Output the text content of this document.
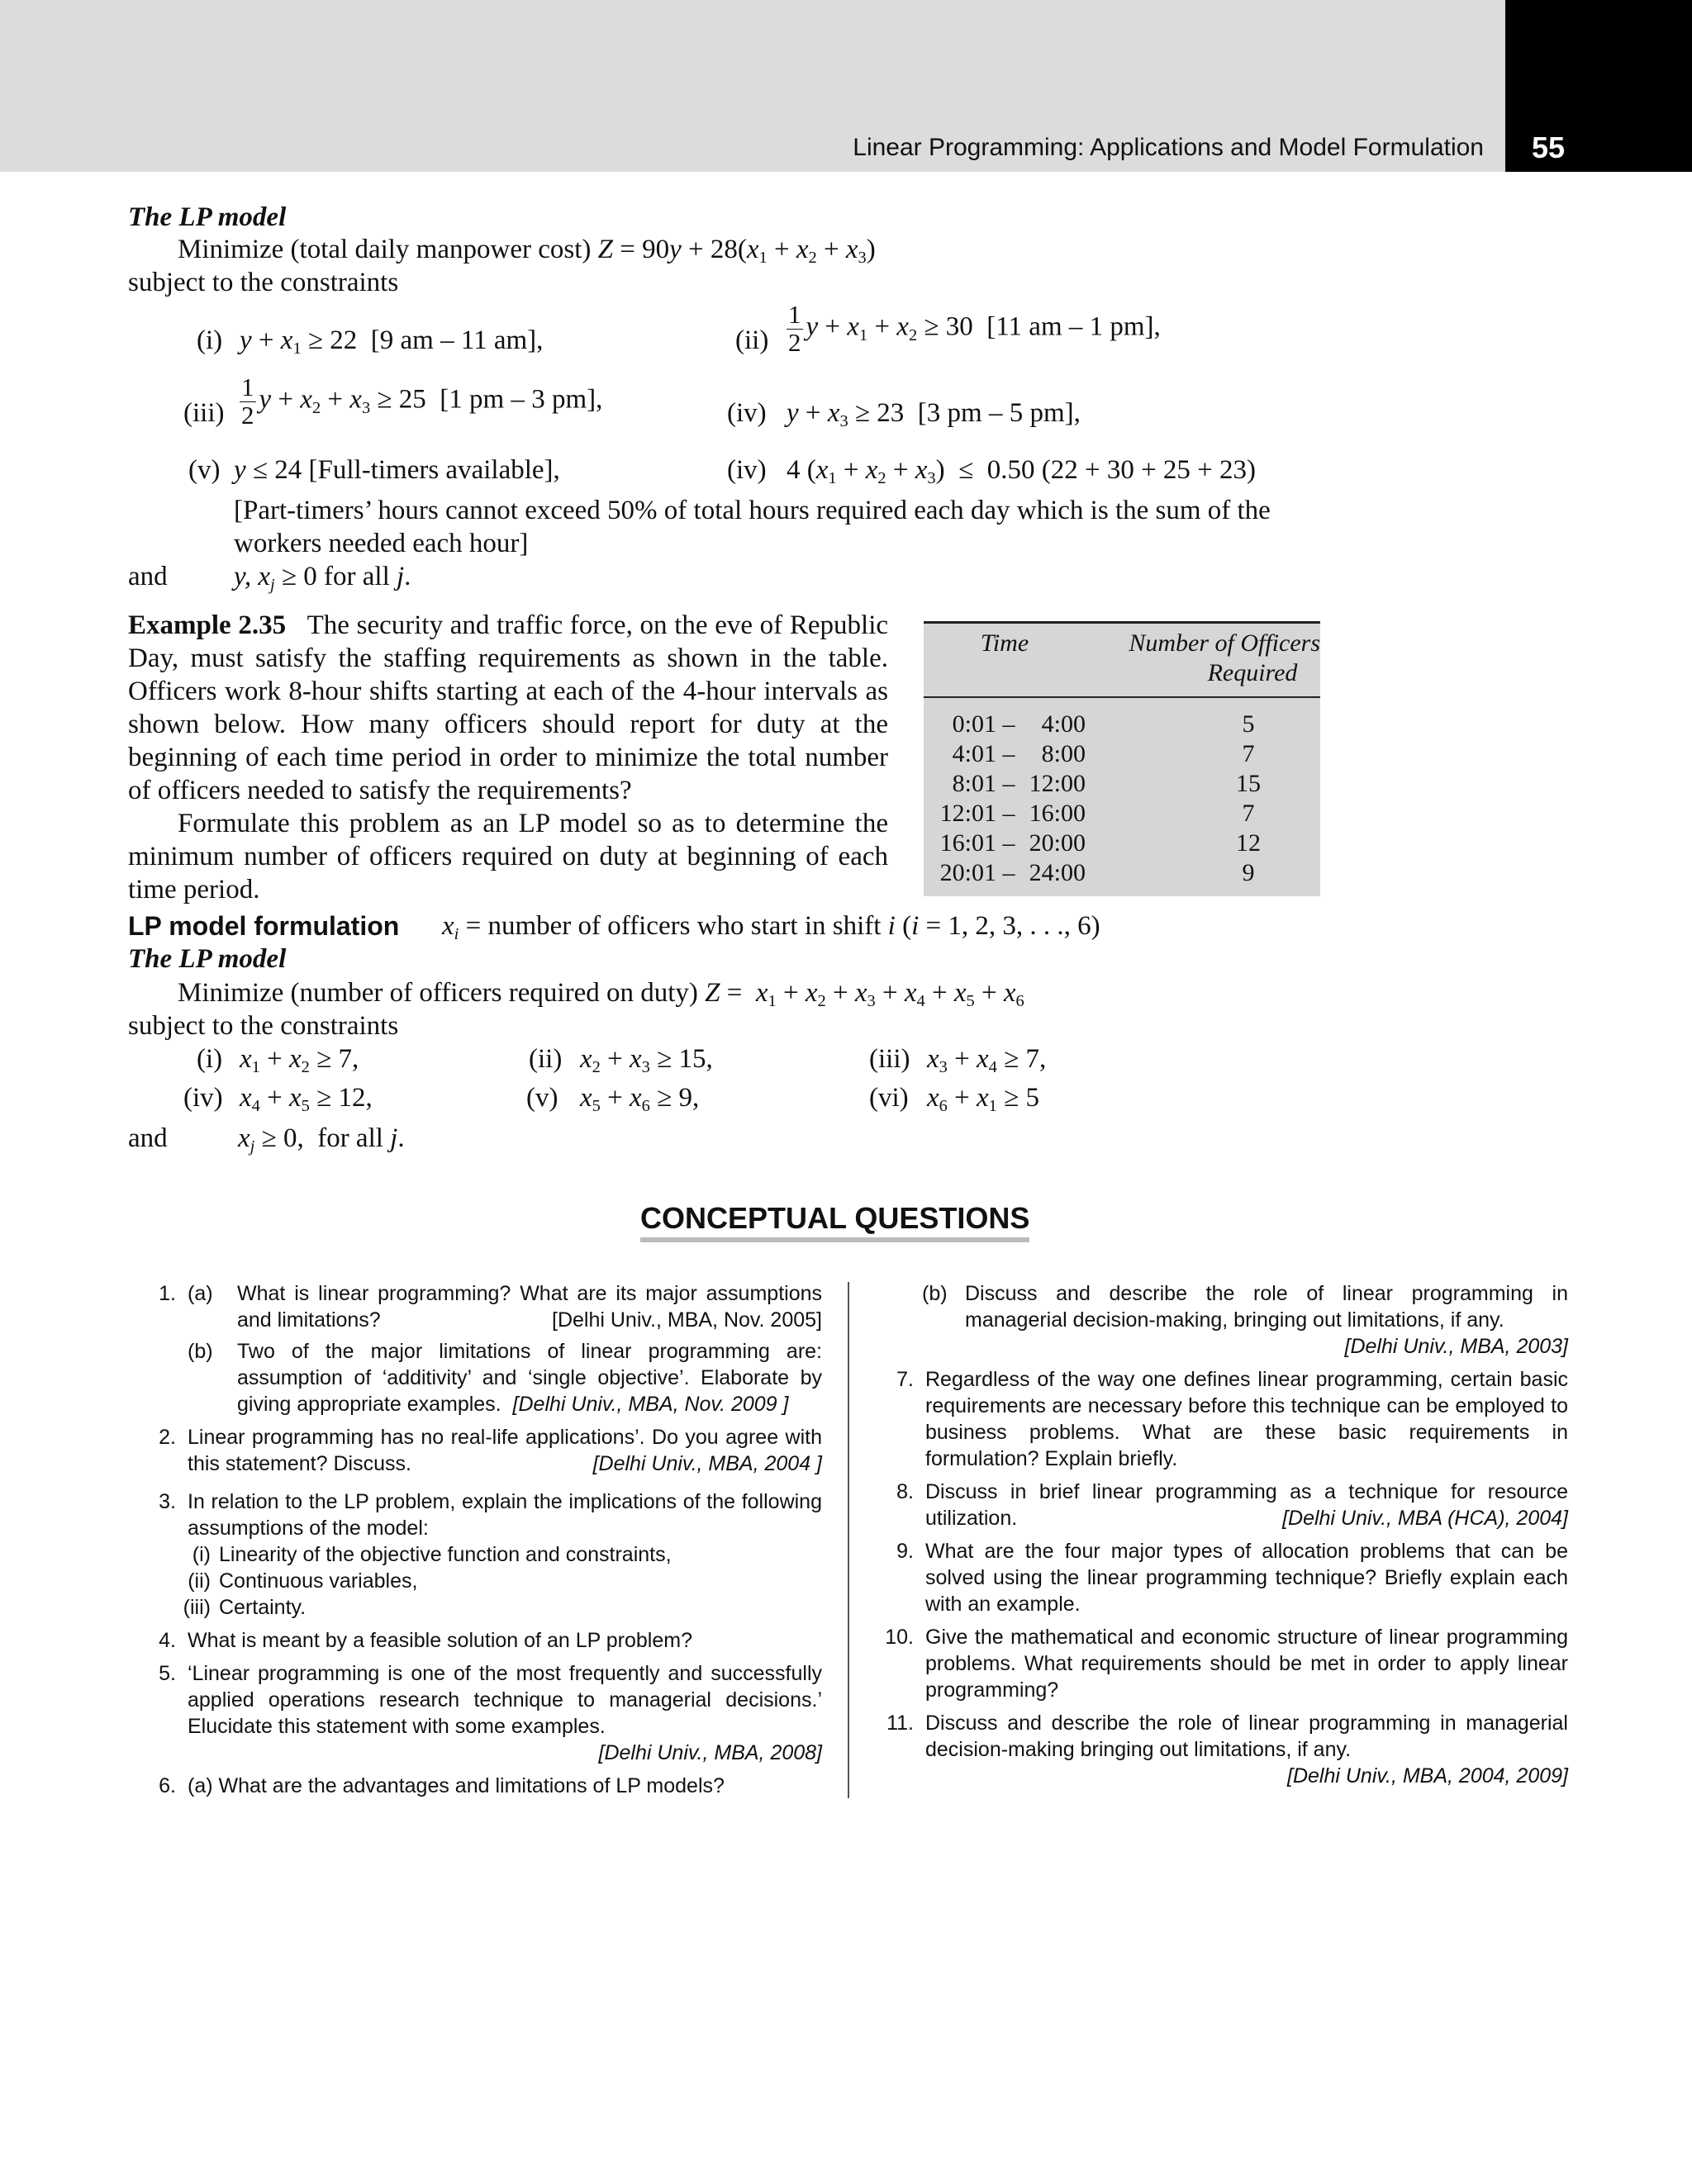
Linear Programming: Applications and Model Formulation 55
The LP model
Minimize (total daily manpower cost) $Z = 90y + 28(x_1 + x_2 + x_3)$
subject to the constraints
(i) $y + x_1 \ge 22$  [9 am – 11 am],	$(ii) \frac{1}{2}$ $y + x_1 + x_2 \ge 30$  [11 am – 1 pm],
$(iii) \frac{1}{2}$ $y + x_2 + x_3 \ge 25$  [1 pm – 3 pm],	(iv) $y + x_3 \ge 23$  [3 pm – 5 pm],
(v) y ≤ 24 [Full-timers available],	(iv) 4 $(x_1 + x_2 + x_3) \le 0.50$ (22 + 30 + 25 + 23)
[Part-timers’ hours cannot exceed 50% of total hours required each day which is the sum of the
workers needed each hour]
and y, $x_j \ge 0$ for all j.
Example 2.35 The security and traffic force, on the eve of Republic Day, must satisfy the staffing requirements as shown in the table. Officers work 8-hour shifts starting at each of the 4-hour intervals as shown below. How many officers should report for duty at the beginning of each time period in order to minimize the total number of officers needed to satisfy the requirements?
Formulate this problem as an LP model so as to determine the minimum number of officers required on duty at beginning of each time period.
Time	Number of Officers
Required

0:01 – 4:00	5
4:01 – 8:00	7
8:01 – 12:00	15
12:01 – 16:00	7
16:01 – 20:00	12
20:01 – 24:00	9
LP model formulation $x_i$ = number of officers who start in shift i (i = 1, 2, 3, . . ., 6)
The LP model
Minimize (number of officers required on duty) $Z = x_1 + x_2 + x_3 + x_4 + x_5 + x_6$
subject to the constraints
(i) $x_1 + x_2 \ge 7$,	(ii) $x_2 + x_3 \ge 15$,	(iii) $x_3 + x_4 \ge 7$,
(iv) $x_4 + x_5 \ge 12$,	(v) $x_5 + x_6 \ge 9$,	(vi) $x_6 + x_1 \ge 5$
and	$x_j \ge 0$,  for all j.
CONCEPTUAL QUESTIONS
1. (a) What is linear programming? What are its major assumptions and limitations?	[Delhi Univ., MBA, Nov. 2005]
(b) Two of the major limitations of linear programming are: assumption of ‘additivity’ and ‘single objective’. Elaborate by giving appropriate examples. [Delhi Univ., MBA, Nov. 2009 ]
2. Linear programming has no real-life applications’. Do you agree with this statement? Discuss.	[Delhi Univ., MBA, 2004 ]
3. In relation to the LP problem, explain the implications of the following assumptions of the model:
(i) Linearity of the objective function and constraints,
(ii) Continuous variables,
(iii) Certainty.
4. What is meant by a feasible solution of an LP problem?
5. ‘Linear programming is one of the most frequently and successfully applied operations research technique to managerial decisions.’ Elucidate this statement with some examples.
[Delhi Univ., MBA, 2008]
6. (a) What are the advantages and limitations of LP models?
(b) Discuss and describe the role of linear programming in managerial decision-making, bringing out limitations, if any.
[Delhi Univ., MBA, 2003]
7. Regardless of the way one defines linear programming, certain basic requirements are necessary before this technique can be employed to business problems. What are these basic requirements in formulation? Explain briefly.
8. Discuss in brief linear programming as a technique for resource utilization.	[Delhi Univ., MBA (HCA), 2004]
9. What are the four major types of allocation problems that can be solved using the linear programming technique? Briefly explain each with an example.
10. Give the mathematical and economic structure of linear programming problems. What requirements should be met in order to apply linear programming?
11. Discuss and describe the role of linear programming in managerial decision-making bringing out limitations, if any.
[Delhi Univ., MBA, 2004, 2009]
